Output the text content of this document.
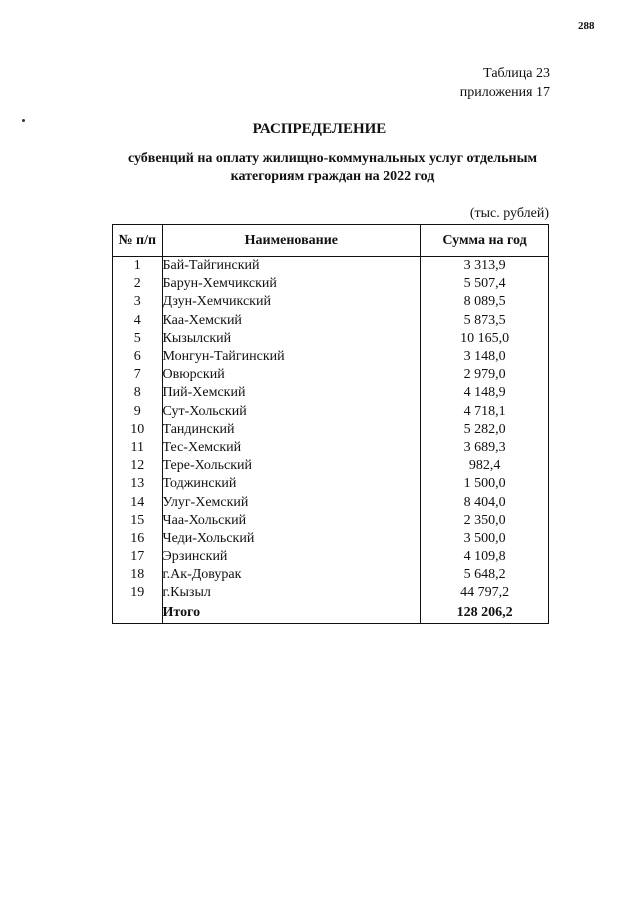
288
Таблица 23
приложения 17
РАСПРЕДЕЛЕНИЕ
субвенций на оплату жилищно-коммунальных услуг отдельным категориям граждан на 2022 год
(тыс. рублей)
№ п/п	Наименование	Сумма на год
1	Бай-Тайгинский	3 313,9
2	Барун-Хемчикский	5 507,4
3	Дзун-Хемчикский	8 089,5
4	Каа-Хемский	5 873,5
5	Кызылский	10 165,0
6	Монгун-Тайгинский	3 148,0
7	Овюрский	2 979,0
8	Пий-Хемский	4 148,9
9	Сут-Хольский	4 718,1
10	Тандинский	5 282,0
11	Тес-Хемский	3 689,3
12	Тере-Хольский	982,4
13	Тоджинский	1 500,0
14	Улуг-Хемский	8 404,0
15	Чаа-Хольский	2 350,0
16	Чеди-Хольский	3 500,0
17	Эрзинский	4 109,8
18	г.Ак-Довурак	5 648,2
19	г.Кызыл	44 797,2
	Итого	128 206,2
